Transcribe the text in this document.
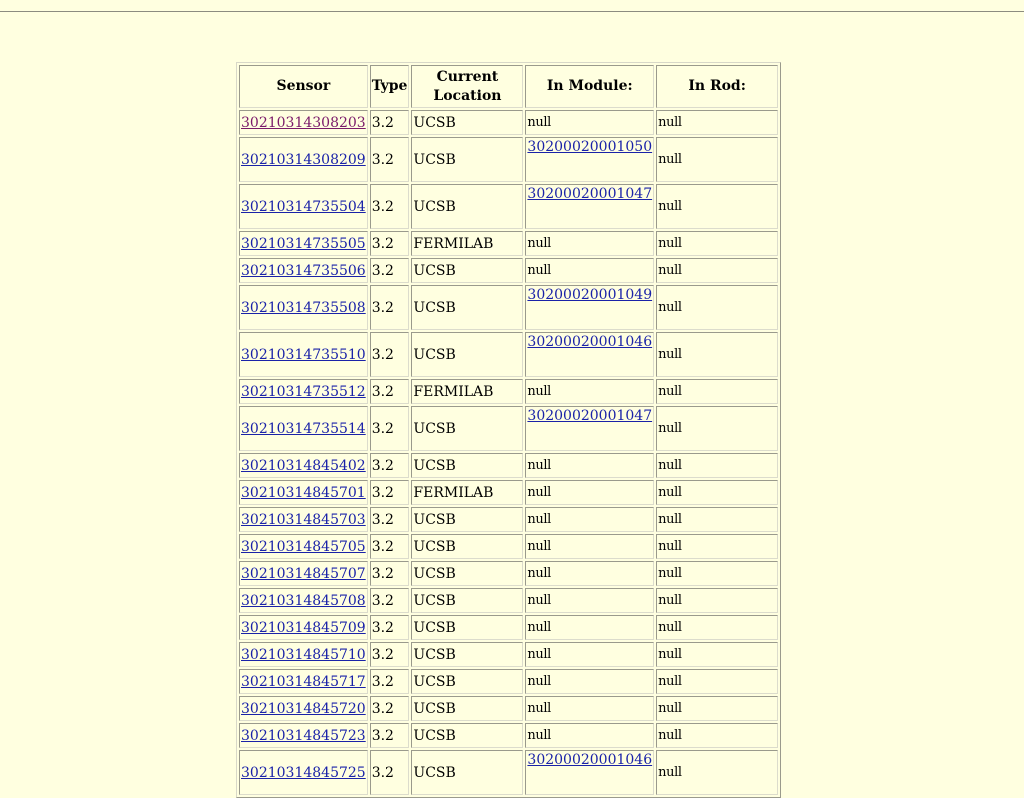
Sensor	Type	Current Location	In Module:	In Rod:
30210314308203	3.2	UCSB	null	null
30210314308209	3.2	UCSB	30200020001050	null
30210314735504	3.2	UCSB	30200020001047	null
30210314735505	3.2	FERMILAB	null	null
30210314735506	3.2	UCSB	null	null
30210314735508	3.2	UCSB	30200020001049	null
30210314735510	3.2	UCSB	30200020001046	null
30210314735512	3.2	FERMILAB	null	null
30210314735514	3.2	UCSB	30200020001047	null
30210314845402	3.2	UCSB	null	null
30210314845701	3.2	FERMILAB	null	null
30210314845703	3.2	UCSB	null	null
30210314845705	3.2	UCSB	null	null
30210314845707	3.2	UCSB	null	null
30210314845708	3.2	UCSB	null	null
30210314845709	3.2	UCSB	null	null
30210314845710	3.2	UCSB	null	null
30210314845717	3.2	UCSB	null	null
30210314845720	3.2	UCSB	null	null
30210314845723	3.2	UCSB	null	null
30210314845725	3.2	UCSB	30200020001046	null
